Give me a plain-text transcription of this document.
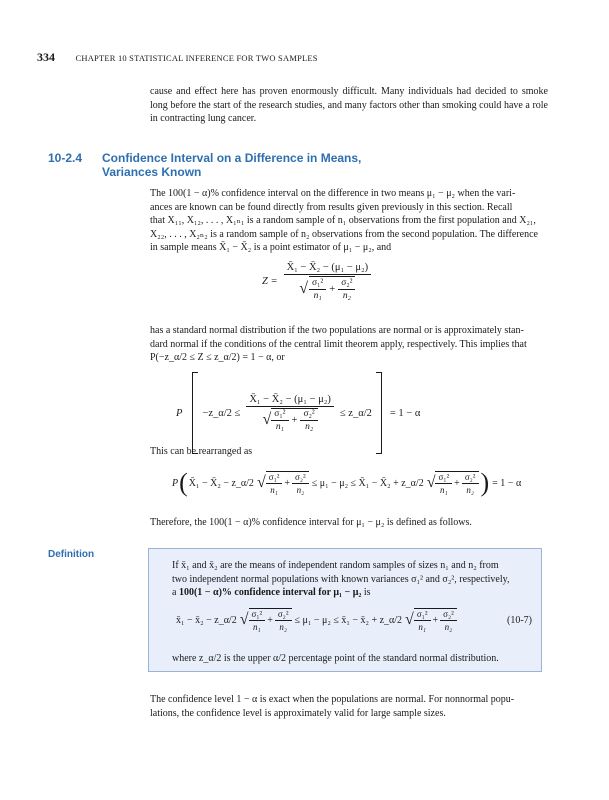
334 CHAPTER 10 STATISTICAL INFERENCE FOR TWO SAMPLES
cause and effect here has proven enormously difficult. Many individuals had decided to smoke long before the start of the research studies, and many factors other than smoking could have a role in contracting lung cancer.
10-2.4 Confidence Interval on a Difference in Means,
Variances Known
The 100(1 − α)% confidence interval on the difference in two means μ₁ − μ₂ when the vari-
ances are known can be found directly from results given previously in this section. Recall
that X₁₁, X₁₂, . . . , X₁ₙ₁ is a random sample of n₁ observations from the first population and X₂₁,
X₂₂, . . . , X₂ₙ₂ is a random sample of n₂ observations from the second population. The difference
in sample means X̄₁ − X̄₂ is a point estimator of μ₁ − μ₂, and
$Z = \frac{\text{X̄₁ − X̄₂ − (μ₁ − μ₂)}}{√ \frac{\text{σ₁²}}{\text{n₁}} + \frac{\text{σ₂²}}{\text{n₂}}}$
has a standard normal distribution if the two populations are normal or is approximately stan-
dard normal if the conditions of the central limit theorem apply, respectively. This implies that
P(−z_α/2 ≤ Z ≤ z_α/2) = 1 − α, or
P −z_α/2 ≤ $\frac{\text{X̄₁ − X̄₂ − (μ₁ − μ₂)}}{√ \frac{\text{σ₁²}}{\text{n₁}} + \frac{\text{σ₂²}}{\text{n₂}}}$ ≤ z_α/2 = 1 − α
This can be rearranged as
P ( X̄₁ − X̄₂ − z_α/2 √ $\frac{\text{σ₁²}}{\text{n₁}} + \frac{\text{σ₂²}}{\text{n₂}} \le \mu_1 - \mu_2$ ≤ X̄₁ − X̄₂ + z_α/2 √ $\frac{\text{σ₁²}}{\text{n₁}} + \frac{\text{σ₂²}}{\text{n₂}}$ ) = 1 − α
Therefore, the 100(1 − α)% confidence interval for μ₁ − μ₂ is defined as follows.
Definition
If x̄₁ and x̄₂ are the means of independent random samples of sizes n₁ and n₂ from
two independent normal populations with known variances σ₁² and σ₂², respectively,
a 100(1 − α)% confidence interval for μ₁ − μ₂ is
x̄₁ − x̄₂ − z_α/2 √ $\frac{\text{σ₁²}}{\text{n₁}} + \frac{\text{σ₂²}}{\text{n₂}} \le \mu_1 - \mu_2$ ≤ x̄₁ − x̄₂ + z_α/2 √ $\frac{\text{σ₁²}}{\text{n₁}} + \frac{\text{σ₂²}}{\text{n₂}}$	(10-7)
where z_α/2 is the upper α/2 percentage point of the standard normal distribution.
The confidence level 1 − α is exact when the populations are normal. For nonnormal popu-
lations, the confidence level is approximately valid for large sample sizes.
